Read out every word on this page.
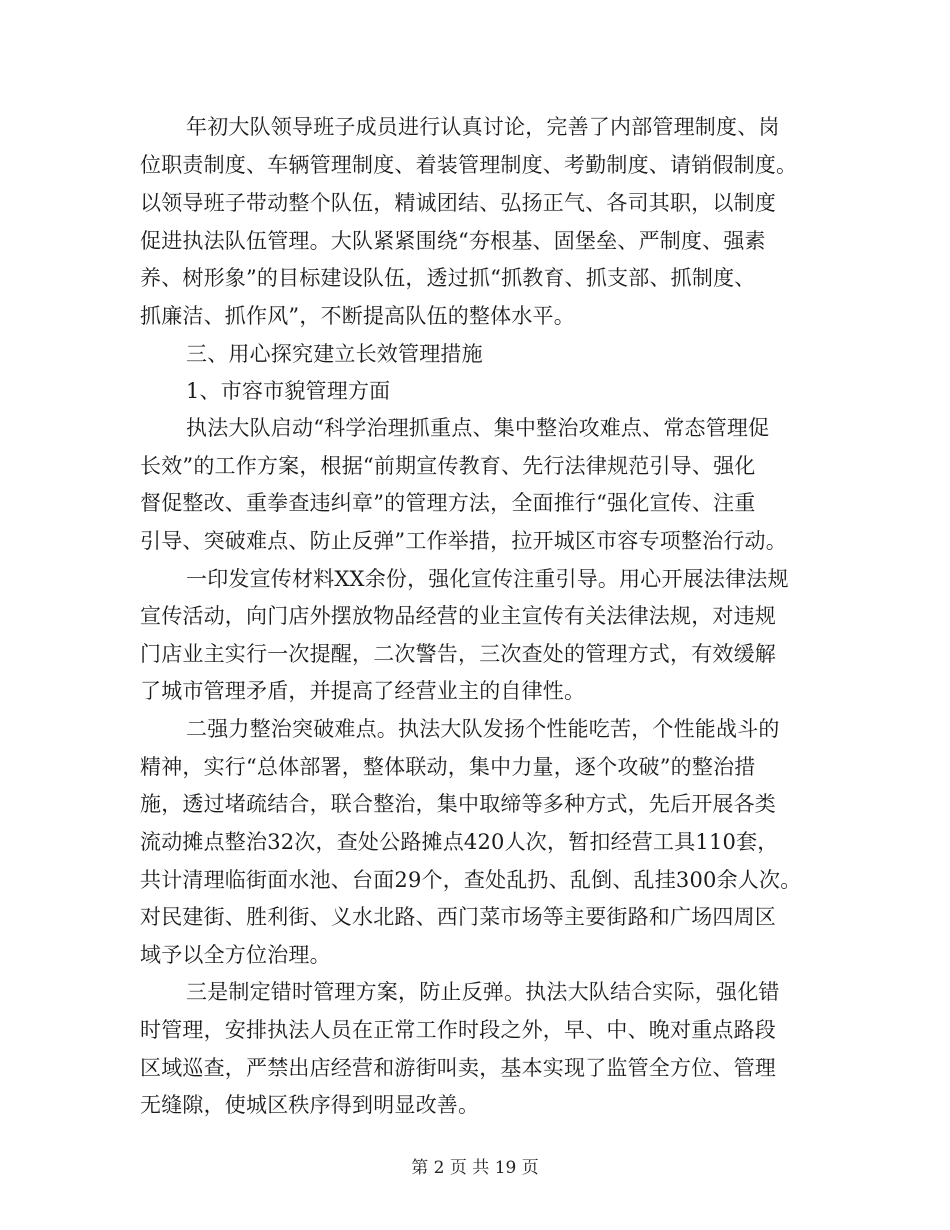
年初大队领导班子成员进行认真讨论，完善了内部管理制度、岗
位职责制度、车辆管理制度、着装管理制度、考勤制度、请销假制度。
以领导班子带动整个队伍，精诚团结、弘扬正气、各司其职，以制度
促进执法队伍管理。大队紧紧围绕“夯根基、固堡垒、严制度、强素
养、树形象”的目标建设队伍，透过抓“抓教育、抓支部、抓制度、
抓廉洁、抓作风”，不断提高队伍的整体水平。
三、用心探究建立长效管理措施
1、市容市貌管理方面
执法大队启动“科学治理抓重点、集中整治攻难点、常态管理促
长效”的工作方案，根据“前期宣传教育、先行法律规范引导、强化
督促整改、重拳查违纠章”的管理方法，全面推行“强化宣传、注重
引导、突破难点、防止反弹”工作举措，拉开城区市容专项整治行动。
一印发宣传材料XX余份，强化宣传注重引导。用心开展法律法规
宣传活动，向门店外摆放物品经营的业主宣传有关法律法规，对违规
门店业主实行一次提醒，二次警告，三次查处的管理方式，有效缓解
了城市管理矛盾，并提高了经营业主的自律性。
二强力整治突破难点。执法大队发扬个性能吃苦，个性能战斗的
精神，实行“总体部署，整体联动，集中力量，逐个攻破”的整治措
施，透过堵疏结合，联合整治，集中取缔等多种方式，先后开展各类
流动摊点整治32次，查处公路摊点420人次，暂扣经营工具110套，
共计清理临街面水池、台面29个，查处乱扔、乱倒、乱挂300余人次。
对民建街、胜利街、义水北路、西门菜市场等主要街路和广场四周区
域予以全方位治理。
三是制定错时管理方案，防止反弹。执法大队结合实际，强化错
时管理，安排执法人员在正常工作时段之外，早、中、晚对重点路段
区域巡查，严禁出店经营和游街叫卖，基本实现了监管全方位、管理
无缝隙，使城区秩序得到明显改善。
第 2 页 共 19 页
